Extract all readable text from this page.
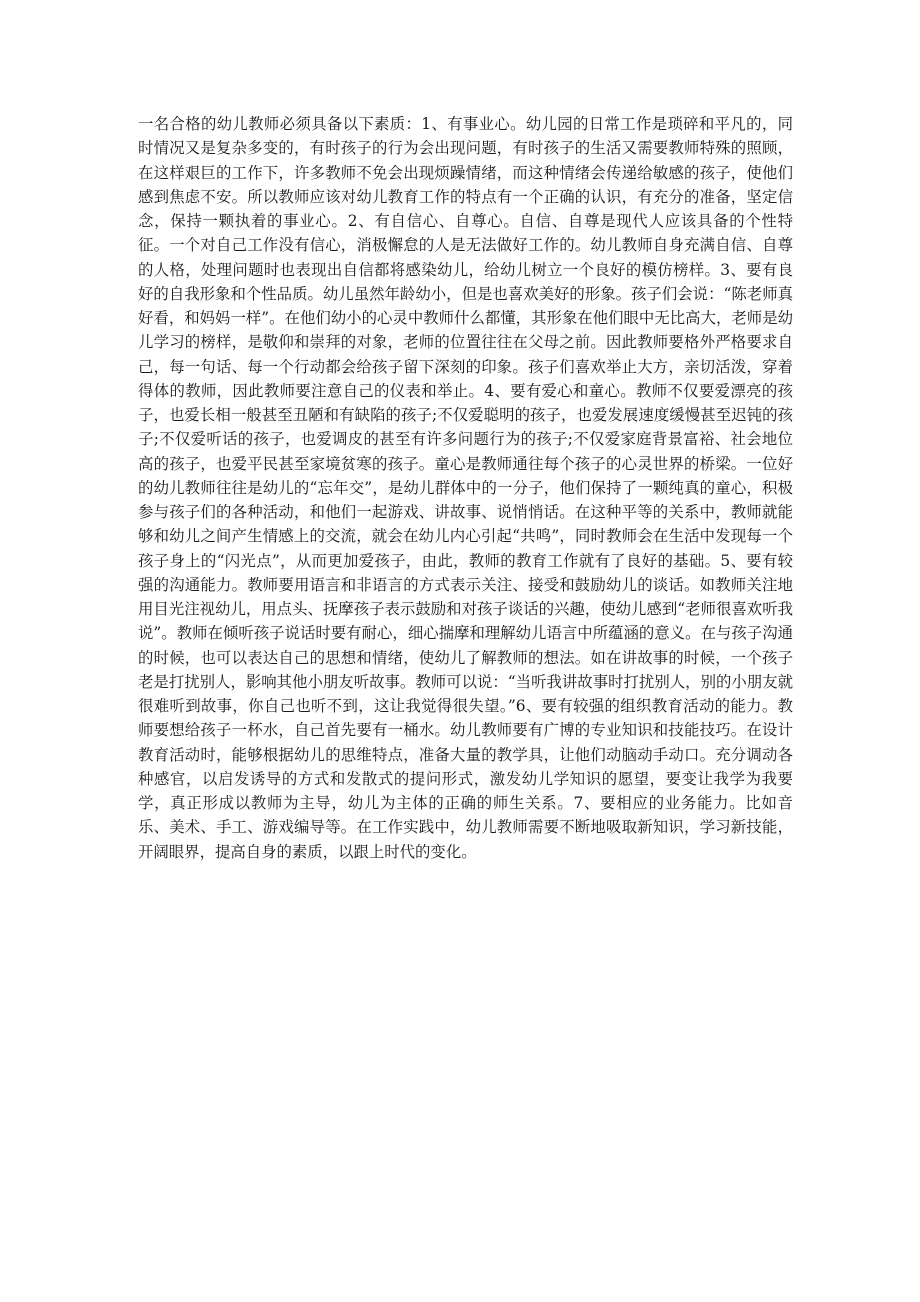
一名合格的幼儿教师必须具备以下素质：1、有事业心。幼儿园的日常工作是琐碎和平凡的，同时情况又是复杂多变的，有时孩子的行为会出现问题，有时孩子的生活又需要教师特殊的照顾，在这样艰巨的工作下，许多教师不免会出现烦躁情绪，而这种情绪会传递给敏感的孩子，使他们感到焦虑不安。所以教师应该对幼儿教育工作的特点有一个正确的认识，有充分的准备，坚定信念，保持一颗执着的事业心。2、有自信心、自尊心。自信、自尊是现代人应该具备的个性特征。一个对自己工作没有信心，消极懈怠的人是无法做好工作的。幼儿教师自身充满自信、自尊的人格，处理问题时也表现出自信都将感染幼儿，给幼儿树立一个良好的模仿榜样。3、要有良好的自我形象和个性品质。幼儿虽然年龄幼小，但是也喜欢美好的形象。孩子们会说：“陈老师真好看，和妈妈一样”。在他们幼小的心灵中教师什么都懂，其形象在他们眼中无比高大，老师是幼儿学习的榜样，是敬仰和崇拜的对象，老师的位置往往在父母之前。因此教师要格外严格要求自己，每一句话、每一个行动都会给孩子留下深刻的印象。孩子们喜欢举止大方，亲切活泼，穿着得体的教师，因此教师要注意自己的仪表和举止。4、要有爱心和童心。教师不仅要爱漂亮的孩子，也爱长相一般甚至丑陋和有缺陷的孩子;不仅爱聪明的孩子，也爱发展速度缓慢甚至迟钝的孩子;不仅爱听话的孩子，也爱调皮的甚至有许多问题行为的孩子;不仅爱家庭背景富裕、社会地位高的孩子，也爱平民甚至家境贫寒的孩子。童心是教师通往每个孩子的心灵世界的桥梁。一位好的幼儿教师往往是幼儿的“忘年交”，是幼儿群体中的一分子，他们保持了一颗纯真的童心，积极参与孩子们的各种活动，和他们一起游戏、讲故事、说悄悄话。在这种平等的关系中，教师就能够和幼儿之间产生情感上的交流，就会在幼儿内心引起“共鸣”，同时教师会在生活中发现每一个孩子身上的“闪光点”，从而更加爱孩子，由此，教师的教育工作就有了良好的基础。5、要有较强的沟通能力。教师要用语言和非语言的方式表示关注、接受和鼓励幼儿的谈话。如教师关注地用目光注视幼儿，用点头、抚摩孩子表示鼓励和对孩子谈话的兴趣，使幼儿感到“老师很喜欢听我说”。教师在倾听孩子说话时要有耐心，细心揣摩和理解幼儿语言中所蕴涵的意义。在与孩子沟通的时候，也可以表达自己的思想和情绪，使幼儿了解教师的想法。如在讲故事的时候，一个孩子老是打扰别人，影响其他小朋友听故事。教师可以说：“当听我讲故事时打扰别人，别的小朋友就很难听到故事，你自己也听不到，这让我觉得很失望。”6、要有较强的组织教育活动的能力。教师要想给孩子一杯水，自己首先要有一桶水。幼儿教师要有广博的专业知识和技能技巧。在设计教育活动时，能够根据幼儿的思维特点，准备大量的教学具，让他们动脑动手动口。充分调动各种感官，以启发诱导的方式和发散式的提问形式，激发幼儿学知识的愿望，要变让我学为我要学，真正形成以教师为主导，幼儿为主体的正确的师生关系。7、要相应的业务能力。比如音乐、美术、手工、游戏编导等。在工作实践中，幼儿教师需要不断地吸取新知识，学习新技能，开阔眼界，提高自身的素质，以跟上时代的变化。
